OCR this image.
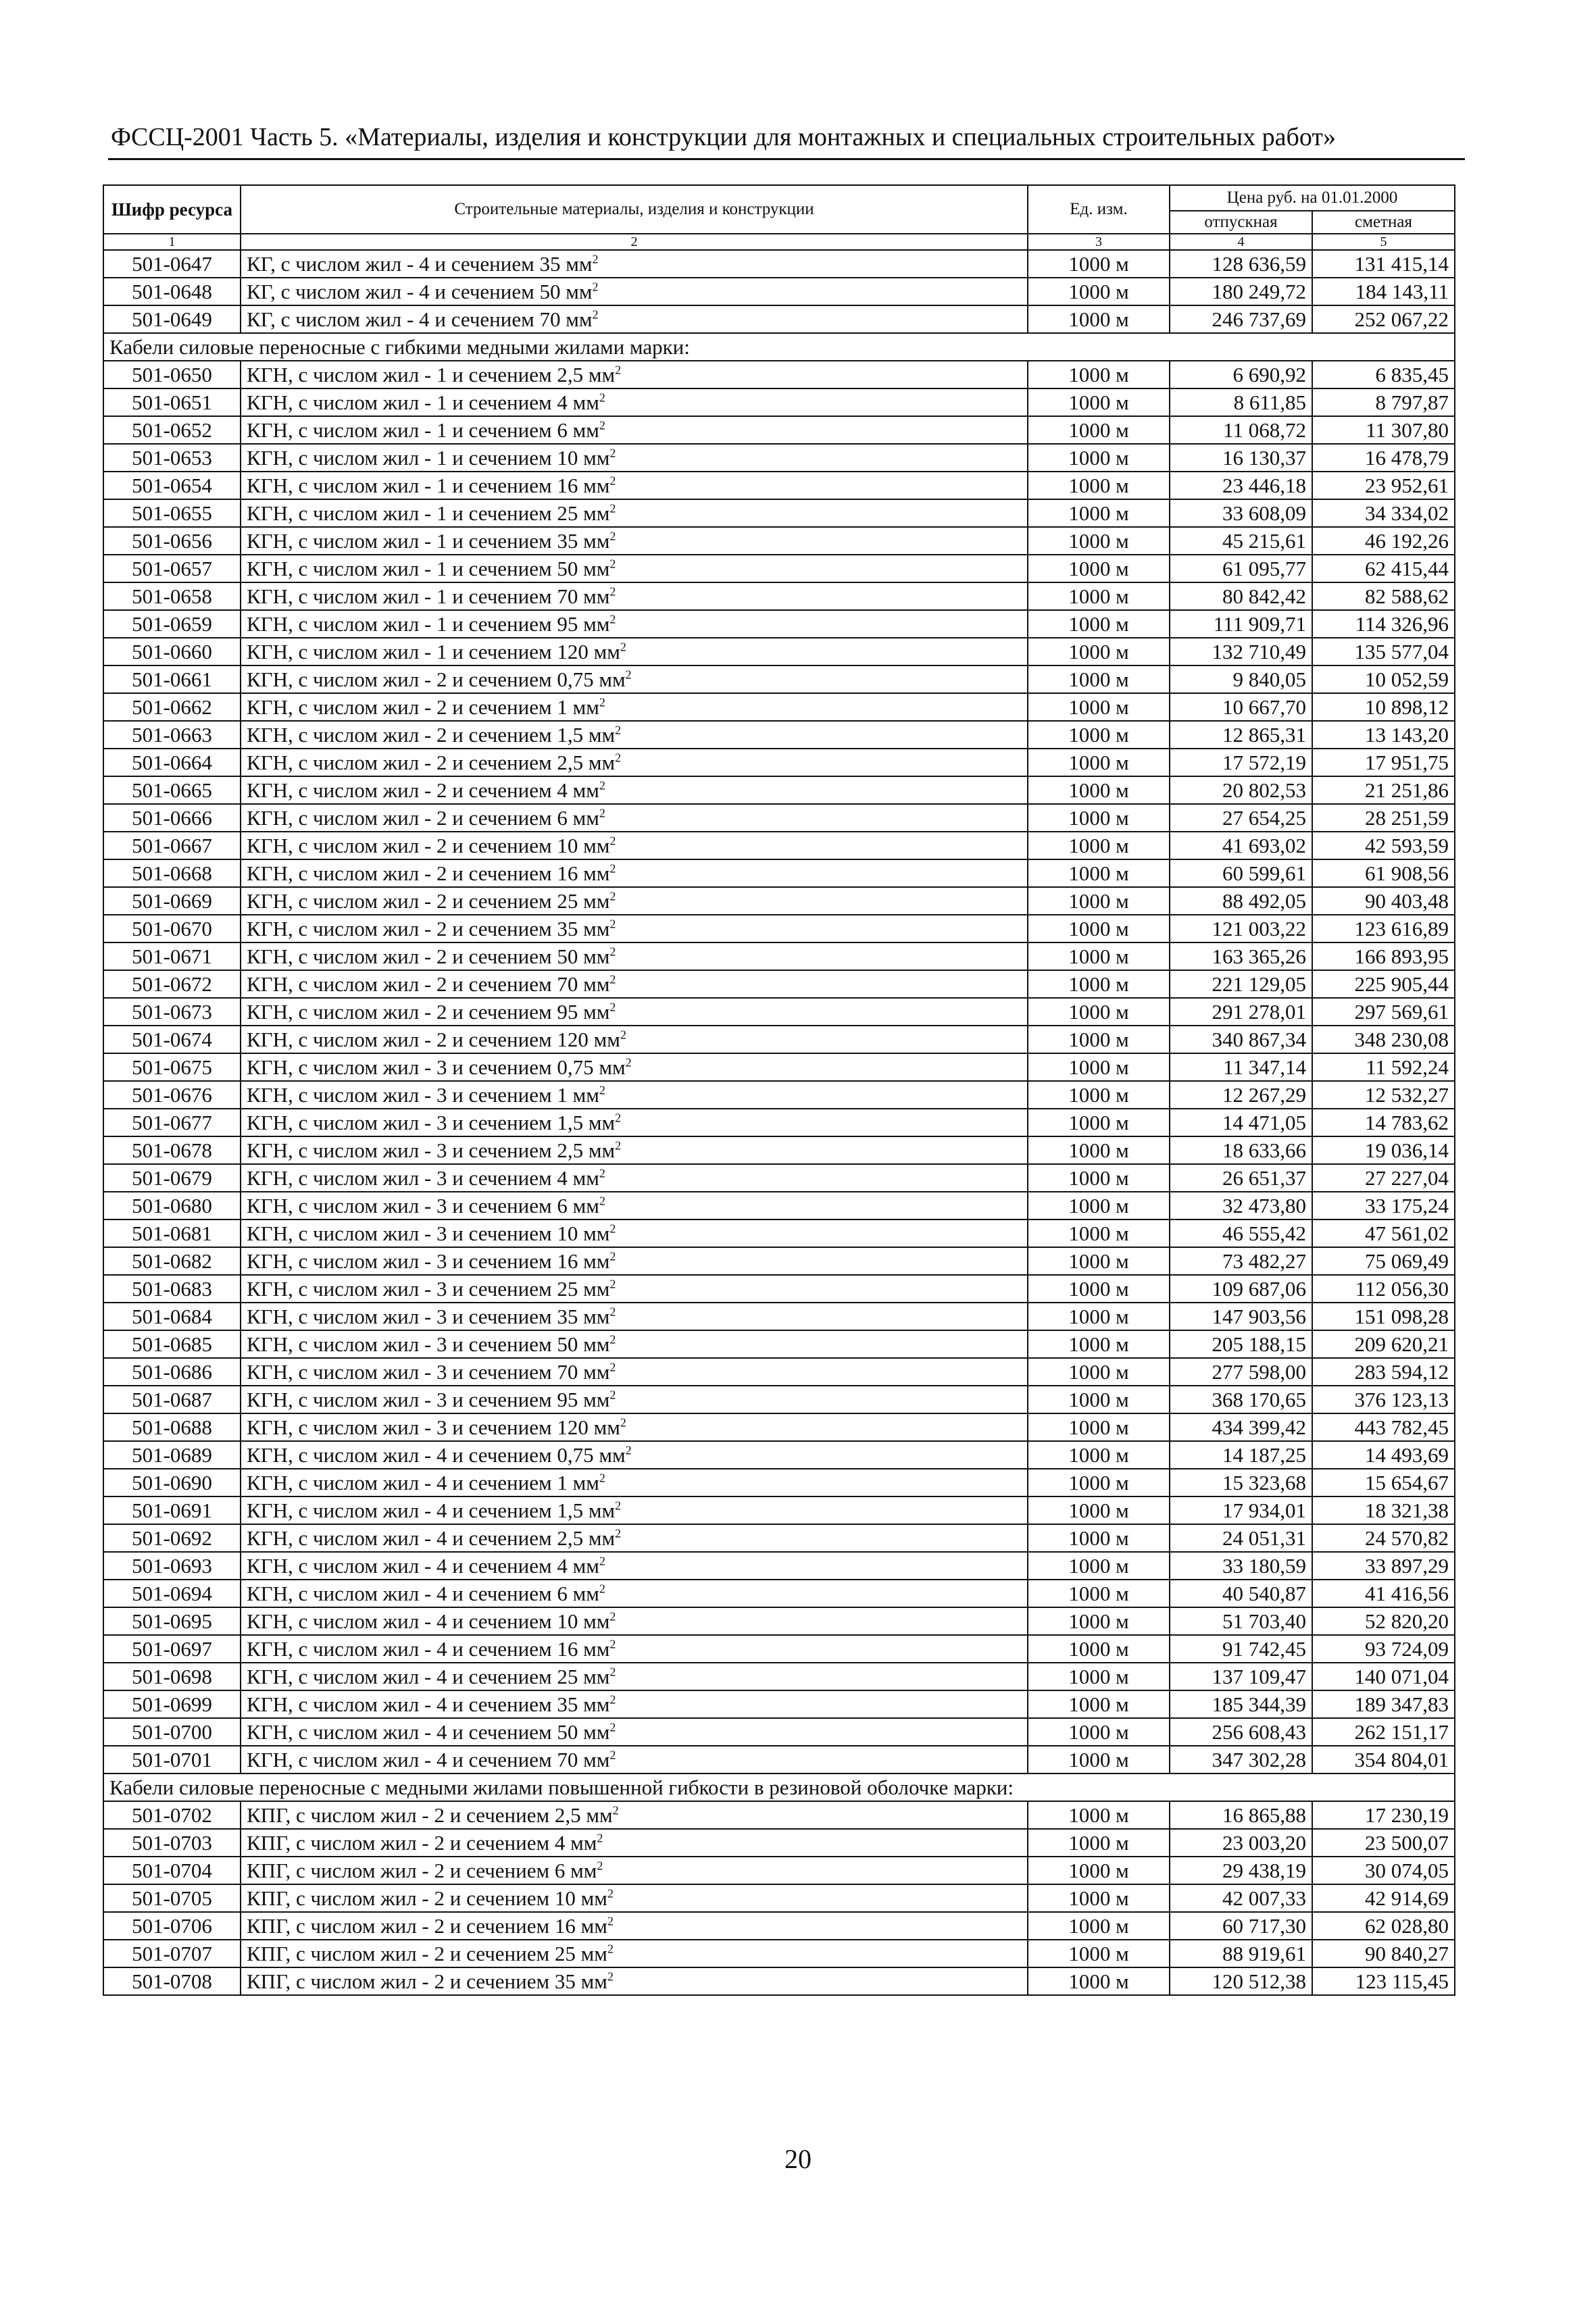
ФССЦ-2001 Часть 5. «Материалы, изделия и конструкции для монтажных и специальных строительных работ»
Шифр ресурса	Строительные материалы, изделия и конструкции	Ед. изм.	Цена руб. на 01.01.2000	
			отпускная	сметная
1	2	3	4	5
501-0647	КГ, с числом жил - 4 и сечением 35 $мм^2$	1000 м	128 636,59	131 415,14
501-0648	КГ, с числом жил - 4 и сечением 50 $мм^2$	1000 м	180 249,72	184 143,11
501-0649	КГ, с числом жил - 4 и сечением 70 $мм^2$	1000 м	246 737,69	252 067,22
Кабели силовые переносные с гибкими медными жилами марки:				
501-0650	КГН, с числом жил - 1 и сечением 2,5 $мм^2$	1000 м	6 690,92	6 835,45
501-0651	КГН, с числом жил - 1 и сечением 4 $мм^2$	1000 м	8 611,85	8 797,87
501-0652	КГН, с числом жил - 1 и сечением 6 $мм^2$	1000 м	11 068,72	11 307,80
501-0653	КГН, с числом жил - 1 и сечением 10 $мм^2$	1000 м	16 130,37	16 478,79
501-0654	КГН, с числом жил - 1 и сечением 16 $мм^2$	1000 м	23 446,18	23 952,61
501-0655	КГН, с числом жил - 1 и сечением 25 $мм^2$	1000 м	33 608,09	34 334,02
501-0656	КГН, с числом жил - 1 и сечением 35 $мм^2$	1000 м	45 215,61	46 192,26
501-0657	КГН, с числом жил - 1 и сечением 50 $мм^2$	1000 м	61 095,77	62 415,44
501-0658	КГН, с числом жил - 1 и сечением 70 $мм^2$	1000 м	80 842,42	82 588,62
501-0659	КГН, с числом жил - 1 и сечением 95 $мм^2$	1000 м	111 909,71	114 326,96
501-0660	КГН, с числом жил - 1 и сечением 120 $мм^2$	1000 м	132 710,49	135 577,04
501-0661	КГН, с числом жил - 2 и сечением 0,75 $мм^2$	1000 м	9 840,05	10 052,59
501-0662	КГН, с числом жил - 2 и сечением 1 $мм^2$	1000 м	10 667,70	10 898,12
501-0663	КГН, с числом жил - 2 и сечением 1,5 $мм^2$	1000 м	12 865,31	13 143,20
501-0664	КГН, с числом жил - 2 и сечением 2,5 $мм^2$	1000 м	17 572,19	17 951,75
501-0665	КГН, с числом жил - 2 и сечением 4 $мм^2$	1000 м	20 802,53	21 251,86
501-0666	КГН, с числом жил - 2 и сечением 6 $мм^2$	1000 м	27 654,25	28 251,59
501-0667	КГН, с числом жил - 2 и сечением 10 $мм^2$	1000 м	41 693,02	42 593,59
501-0668	КГН, с числом жил - 2 и сечением 16 $мм^2$	1000 м	60 599,61	61 908,56
501-0669	КГН, с числом жил - 2 и сечением 25 $мм^2$	1000 м	88 492,05	90 403,48
501-0670	КГН, с числом жил - 2 и сечением 35 $мм^2$	1000 м	121 003,22	123 616,89
501-0671	КГН, с числом жил - 2 и сечением 50 $мм^2$	1000 м	163 365,26	166 893,95
501-0672	КГН, с числом жил - 2 и сечением 70 $мм^2$	1000 м	221 129,05	225 905,44
501-0673	КГН, с числом жил - 2 и сечением 95 $мм^2$	1000 м	291 278,01	297 569,61
501-0674	КГН, с числом жил - 2 и сечением 120 $мм^2$	1000 м	340 867,34	348 230,08
501-0675	КГН, с числом жил - 3 и сечением 0,75 $мм^2$	1000 м	11 347,14	11 592,24
501-0676	КГН, с числом жил - 3 и сечением 1 $мм^2$	1000 м	12 267,29	12 532,27
501-0677	КГН, с числом жил - 3 и сечением 1,5 $мм^2$	1000 м	14 471,05	14 783,62
501-0678	КГН, с числом жил - 3 и сечением 2,5 $мм^2$	1000 м	18 633,66	19 036,14
501-0679	КГН, с числом жил - 3 и сечением 4 $мм^2$	1000 м	26 651,37	27 227,04
501-0680	КГН, с числом жил - 3 и сечением 6 $мм^2$	1000 м	32 473,80	33 175,24
501-0681	КГН, с числом жил - 3 и сечением 10 $мм^2$	1000 м	46 555,42	47 561,02
501-0682	КГН, с числом жил - 3 и сечением 16 $мм^2$	1000 м	73 482,27	75 069,49
501-0683	КГН, с числом жил - 3 и сечением 25 $мм^2$	1000 м	109 687,06	112 056,30
501-0684	КГН, с числом жил - 3 и сечением 35 $мм^2$	1000 м	147 903,56	151 098,28
501-0685	КГН, с числом жил - 3 и сечением 50 $мм^2$	1000 м	205 188,15	209 620,21
501-0686	КГН, с числом жил - 3 и сечением 70 $мм^2$	1000 м	277 598,00	283 594,12
501-0687	КГН, с числом жил - 3 и сечением 95 $мм^2$	1000 м	368 170,65	376 123,13
501-0688	КГН, с числом жил - 3 и сечением 120 $мм^2$	1000 м	434 399,42	443 782,45
501-0689	КГН, с числом жил - 4 и сечением 0,75 $мм^2$	1000 м	14 187,25	14 493,69
501-0690	КГН, с числом жил - 4 и сечением 1 $мм^2$	1000 м	15 323,68	15 654,67
501-0691	КГН, с числом жил - 4 и сечением 1,5 $мм^2$	1000 м	17 934,01	18 321,38
501-0692	КГН, с числом жил - 4 и сечением 2,5 $мм^2$	1000 м	24 051,31	24 570,82
501-0693	КГН, с числом жил - 4 и сечением 4 $мм^2$	1000 м	33 180,59	33 897,29
501-0694	КГН, с числом жил - 4 и сечением 6 $мм^2$	1000 м	40 540,87	41 416,56
501-0695	КГН, с числом жил - 4 и сечением 10 $мм^2$	1000 м	51 703,40	52 820,20
501-0697	КГН, с числом жил - 4 и сечением 16 $мм^2$	1000 м	91 742,45	93 724,09
501-0698	КГН, с числом жил - 4 и сечением 25 $мм^2$	1000 м	137 109,47	140 071,04
501-0699	КГН, с числом жил - 4 и сечением 35 $мм^2$	1000 м	185 344,39	189 347,83
501-0700	КГН, с числом жил - 4 и сечением 50 $мм^2$	1000 м	256 608,43	262 151,17
501-0701	КГН, с числом жил - 4 и сечением 70 $мм^2$	1000 м	347 302,28	354 804,01
Кабели силовые переносные с медными жилами повышенной гибкости в резиновой оболочке марки:				
501-0702	КПГ, с числом жил - 2 и сечением 2,5 $мм^2$	1000 м	16 865,88	17 230,19
501-0703	КПГ, с числом жил - 2 и сечением 4 $мм^2$	1000 м	23 003,20	23 500,07
501-0704	КПГ, с числом жил - 2 и сечением 6 $мм^2$	1000 м	29 438,19	30 074,05
501-0705	КПГ, с числом жил - 2 и сечением 10 $мм^2$	1000 м	42 007,33	42 914,69
501-0706	КПГ, с числом жил - 2 и сечением 16 $мм^2$	1000 м	60 717,30	62 028,80
501-0707	КПГ, с числом жил - 2 и сечением 25 $мм^2$	1000 м	88 919,61	90 840,27
501-0708	КПГ, с числом жил - 2 и сечением 35 $мм^2$	1000 м	120 512,38	123 115,45
20
